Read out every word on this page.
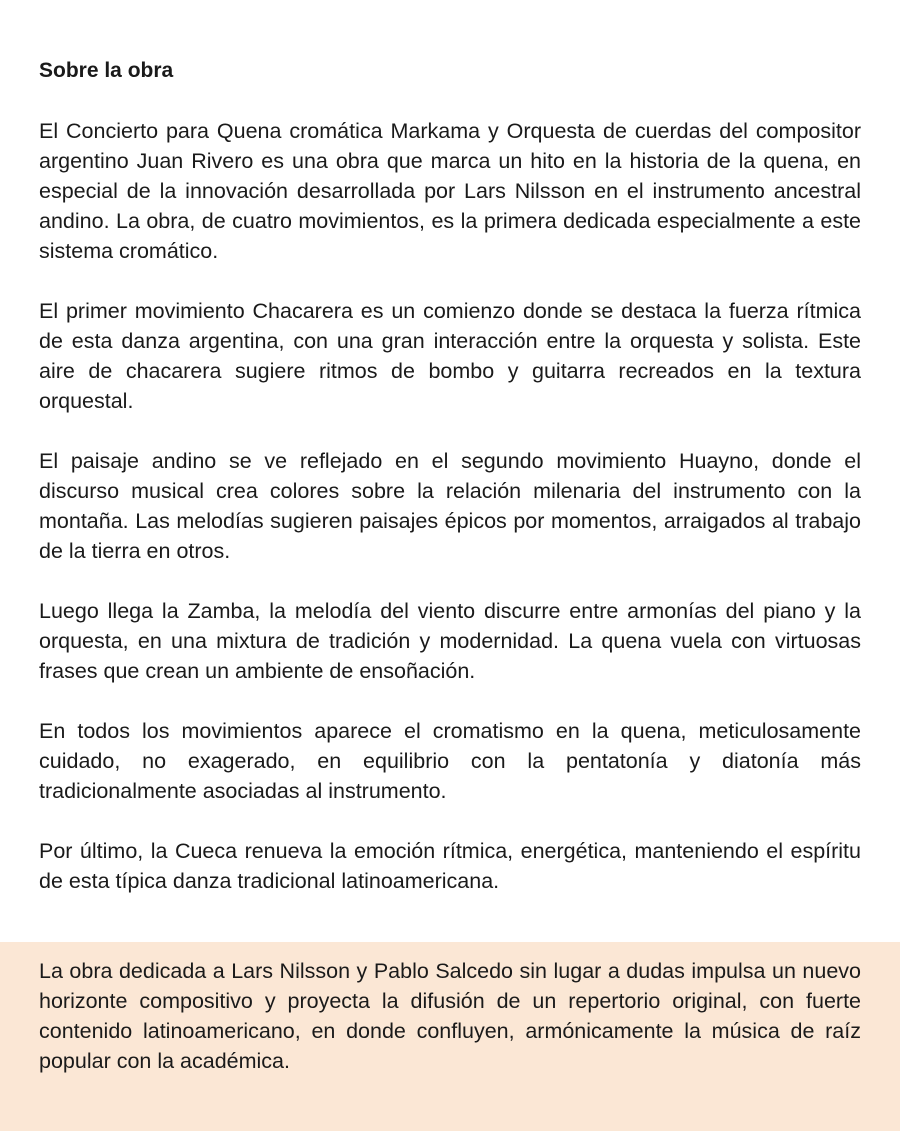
Sobre la obra

El Concierto para Quena cromática Markama y Orquesta de cuerdas del compositor argentino Juan Rivero es una obra que marca un hito en la historia de la quena, en especial de la innovación desarrollada por Lars Nilsson en el instrumento ancestral andino. La obra, de cuatro movimientos, es la primera dedicada especialmente a este sistema cromático.

El primer movimiento Chacarera es un comienzo donde se destaca la fuerza rítmica de esta danza argentina, con una gran interacción entre la orquesta y solista. Este aire de chacarera sugiere ritmos de bombo y guitarra recreados en la textura orquestal.

El paisaje andino se ve reflejado en el segundo movimiento Huayno, donde el discurso musical crea colores sobre la relación milenaria del instrumento con la montaña. Las melodías sugieren paisajes épicos por momentos, arraigados al trabajo de la tierra en otros.

Luego llega la Zamba, la melodía del viento discurre entre armonías del piano y la orquesta, en una mixtura de tradición y modernidad. La quena vuela con virtuosas frases que crean un ambiente de ensoñación.

En todos los movimientos aparece el cromatismo en la quena, meticulosamente cuidado, no exagerado, en equilibrio con la pentatonía y diatonía más tradicionalmente asociadas al instrumento.

Por último, la Cueca renueva la emoción rítmica, energética, manteniendo el espíritu de esta típica danza tradicional latinoamericana.

La obra dedicada a Lars Nilsson y Pablo Salcedo sin lugar a dudas impulsa un nuevo horizonte compositivo y proyecta la difusión de un repertorio original, con fuerte contenido latinoamericano, en donde confluyen, armónicamente la música de raíz popular con la académica.
